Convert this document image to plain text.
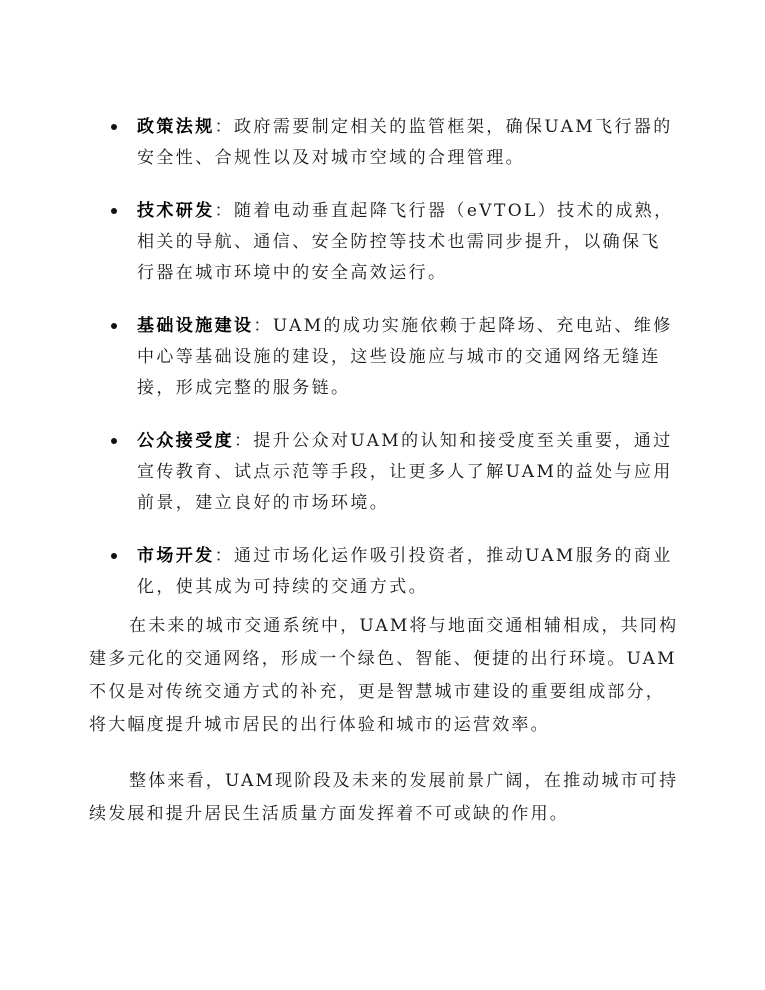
政策法规：政府需要制定相关的监管框架，确保UAM飞行器的安全性、合规性以及对城市空域的合理管理。
技术研发：随着电动垂直起降飞行器（eVTOL）技术的成熟，相关的导航、通信、安全防控等技术也需同步提升，以确保飞行器在城市环境中的安全高效运行。
基础设施建设：UAM的成功实施依赖于起降场、充电站、维修中心等基础设施的建设，这些设施应与城市的交通网络无缝连接，形成完整的服务链。
公众接受度：提升公众对UAM的认知和接受度至关重要，通过宣传教育、试点示范等手段，让更多人了解UAM的益处与应用前景，建立良好的市场环境。
市场开发：通过市场化运作吸引投资者，推动UAM服务的商业化，使其成为可持续的交通方式。

在未来的城市交通系统中，UAM将与地面交通相辅相成，共同构建多元化的交通网络，形成一个绿色、智能、便捷的出行环境。UAM不仅是对传统交通方式的补充，更是智慧城市建设的重要组成部分，将大幅度提升城市居民的出行体验和城市的运营效率。

整体来看，UAM现阶段及未来的发展前景广阔，在推动城市可持续发展和提升居民生活质量方面发挥着不可或缺的作用。
